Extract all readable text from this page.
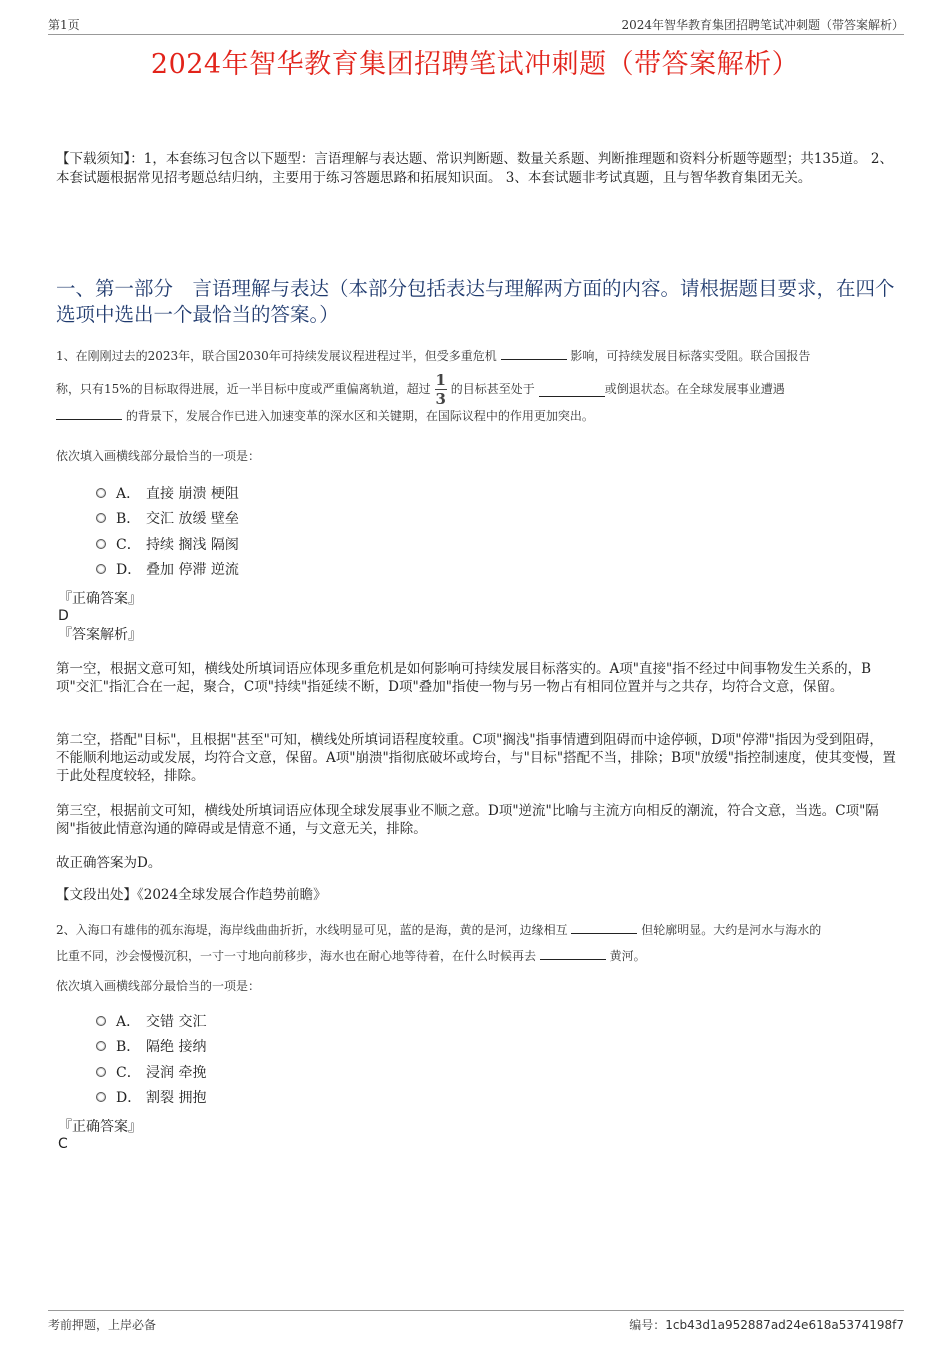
第1页	2024年智华教育集团招聘笔试冲刺题（带答案解析）
2024年智华教育集团招聘笔试冲刺题（带答案解析）
【下载须知】：1，本套练习包含以下题型：言语理解与表达题、常识判断题、数量关系题、判断推理题和资料分析题等题型；共135道。 2、本套试题根据常见招考题总结归纳，主要用于练习答题思路和拓展知识面。 3、本套试题非考试真题，且与智华教育集团无关。
一、第一部分　言语理解与表达（本部分包括表达与理解两方面的内容。请根据题目要求，在四个选项中选出一个最恰当的答案。）
1、在刚刚过去的2023年，联合国2030年可持续发展议程进程过半，但受多重危机	影响，可持续发展目标落实受阻。联合国报告
称，只有15%的目标取得进展，近一半目标中度或严重偏离轨道，超过 $\frac{1}{3}$ 的目标甚至处于	或倒退状态。在全球发展事业遭遇
的背景下，发展合作已进入加速变革的深水区和关键期，在国际议程中的作用更加突出。
依次填入画横线部分最恰当的一项是：
A． 直接 崩溃 梗阻
B． 交汇 放缓 壁垒
C． 持续 搁浅 隔阂
D． 叠加 停滞 逆流
『正确答案』
D
『答案解析』
第一空，根据文意可知，横线处所填词语应体现多重危机是如何影响可持续发展目标落实的。A项"直接"指不经过中间事物发生关系的，B项"交汇"指汇合在一起，聚合，C项"持续"指延续不断，D项"叠加"指使一物与另一物占有相同位置并与之共存，均符合文意，保留。
第二空，搭配"目标"，且根据"甚至"可知，横线处所填词语程度较重。C项"搁浅"指事情遭到阻碍而中途停顿，D项"停滞"指因为受到阻碍，不能顺利地运动或发展，均符合文意，保留。A项"崩溃"指彻底破坏或垮台，与"目标"搭配不当，排除；B项"放缓"指控制速度，使其变慢，置于此处程度较轻，排除。
第三空，根据前文可知，横线处所填词语应体现全球发展事业不顺之意。D项"逆流"比喻与主流方向相反的潮流，符合文意，当选。C项"隔阂"指彼此情意沟通的障碍或是情意不通，与文意无关，排除。
故正确答案为D。
【文段出处】《2024全球发展合作趋势前瞻》
2、入海口有雄伟的孤东海堤，海岸线曲曲折折，水线明显可见，蓝的是海，黄的是河，边缘相互	但轮廓明显。大约是河水与海水的
比重不同，沙会慢慢沉积，一寸一寸地向前移步，海水也在耐心地等待着，在什么时候再去	黄河。
依次填入画横线部分最恰当的一项是：
A． 交错 交汇
B． 隔绝 接纳
C． 浸润 牵挽
D． 割裂 拥抱
『正确答案』
C
考前押题，上岸必备	编号：1cb43d1a952887ad24e618a5374198f7
